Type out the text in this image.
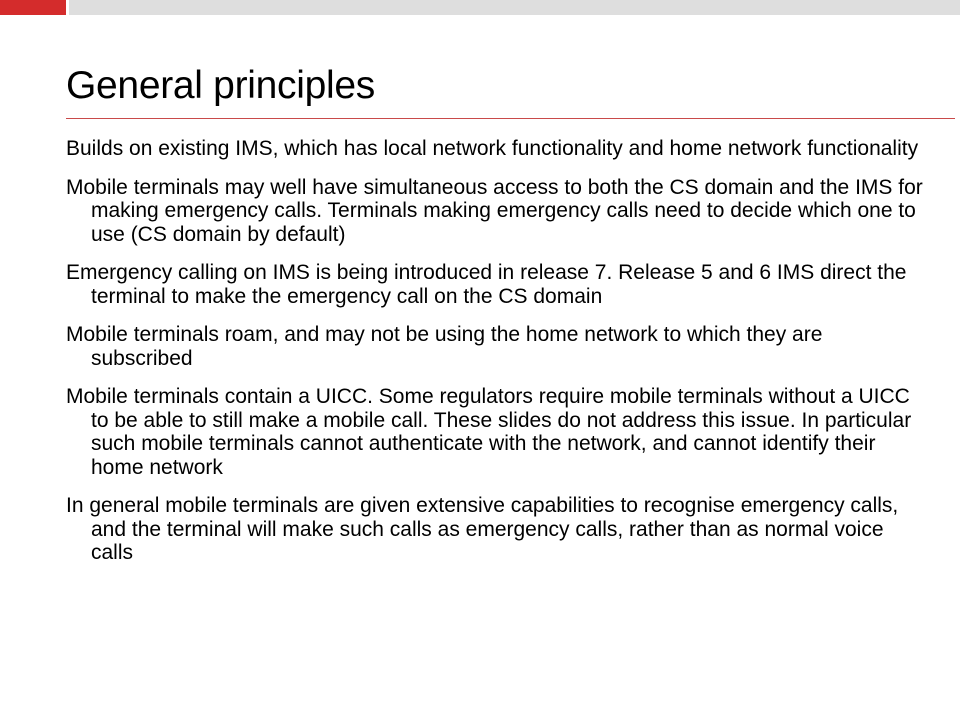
General principles
Builds on existing IMS, which has local network functionality and home network functionality
Mobile terminals may well have simultaneous access to both the CS domain and the IMS for making emergency calls. Terminals making emergency calls need to decide which one to use (CS domain by default)
Emergency calling on IMS is being introduced in release 7. Release 5 and 6 IMS direct the terminal to make the emergency call on the CS domain
Mobile terminals roam, and may not be using the home network to which they are subscribed
Mobile terminals contain a UICC. Some regulators require mobile terminals without a UICC to be able to still make a mobile call. These slides do not address this issue. In particular such mobile terminals cannot authenticate with the network, and cannot identify their home network
In general mobile terminals are given extensive capabilities to recognise emergency calls, and the terminal will make such calls as emergency calls, rather than as normal voice calls
